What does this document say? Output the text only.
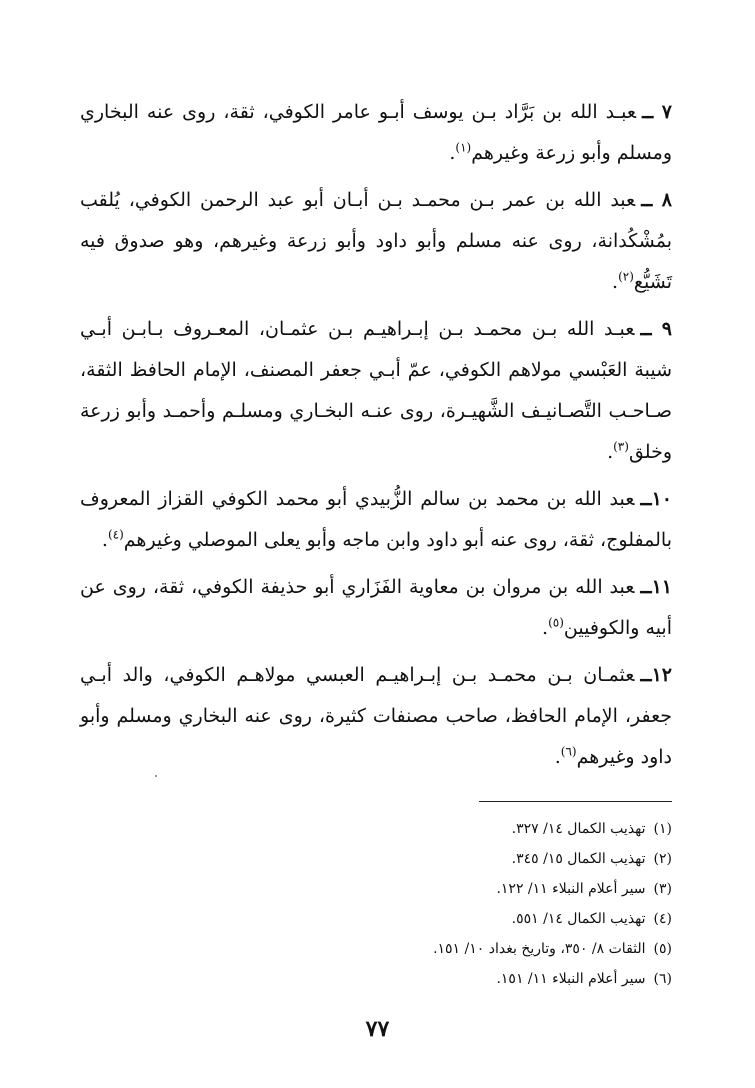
٧ ــعبـد الله بن بَرَّاد بـن يوسف أبـو عامر الكوفي، ثقة، روى عنه البخاري ومسلم وأبو زرعة وغيرهم$^{(١)}$.

٨ ــعبد الله بن عمر بـن محمـد بـن أبـان أبو عبد الرحمن الكوفي، يُلقب بمُشْكُدانة، روى عنه مسلم وأبو داود وأبو زرعة وغيرهم، وهو صدوق فيه تَشَيُّع$^{(٢)}$.

٩ ــعبـد الله بـن محمـد بـن إبـراهيـم بـن عثمـان، المعـروف بـابـن أبـي شيبة العَبْسي مولاهم الكوفي، عمّ أبـي جعفر المصنف، الإمام الحافظ الثقة، صـاحـب التَّصـانيـف الشَّهيـرة، روى عنـه البخـاري ومسلـم وأحمـد وأبو زرعة وخلق$^{(٣)}$.

١٠ــعبد الله بن محمد بن سالم الزُّبيدي أبو محمد الكوفي القزاز المعروف بالمفلوج، ثقة، روى عنه أبو داود وابن ماجه وأبو يعلى الموصلي وغيرهم$^{(٤)}$.

١١ــعبد الله بن مروان بن معاوية الفَزَاري أبو حذيفة الكوفي، ثقة، روى عن أبيه والكوفيين$^{(٥)}$.

١٢ــعثمـان بـن محمـد بـن إبـراهيـم العبسي مولاهـم الكوفي، والد أبـي جعفر، الإمام الحافظ، صاحب مصنفات كثيرة، روى عنه البخاري ومسلم وأبو داود وغيرهم$^{(٦)}$.

(١)تهذيب الكمال ١٤/ ٣٢٧.
(٢)تهذيب الكمال ١٥/ ٣٤٥.
(٣)سير أعلام النبلاء ١١/ ١٢٢.
(٤)تهذيب الكمال ١٤/ ٥٥١.
(٥)الثقات ٨/ ٣٥٠، وتاريخ بغداد ١٠/ ١٥١.
(٦)سير أعلام النبلاء ١١/ ١٥١.
٧٧
